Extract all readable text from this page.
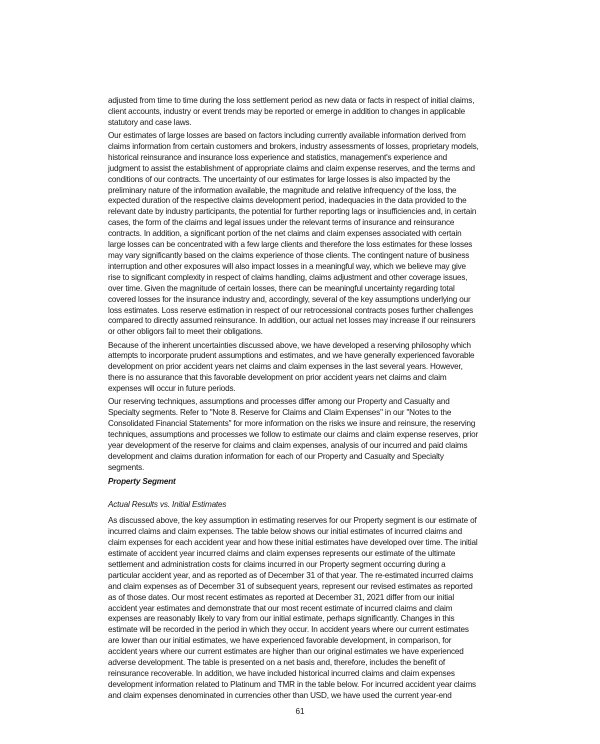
adjusted from time to time during the loss settlement period as new data or facts in respect of initial claims,
client accounts, industry or event trends may be reported or emerge in addition to changes in applicable
statutory and case laws.
Our estimates of large losses are based on factors including currently available information derived from
claims information from certain customers and brokers, industry assessments of losses, proprietary models,
historical reinsurance and insurance loss experience and statistics, management's experience and
judgment to assist the establishment of appropriate claims and claim expense reserves, and the terms and
conditions of our contracts. The uncertainty of our estimates for large losses is also impacted by the
preliminary nature of the information available, the magnitude and relative infrequency of the loss, the
expected duration of the respective claims development period, inadequacies in the data provided to the
relevant date by industry participants, the potential for further reporting lags or insufficiencies and, in certain
cases, the form of the claims and legal issues under the relevant terms of insurance and reinsurance
contracts. In addition, a significant portion of the net claims and claim expenses associated with certain
large losses can be concentrated with a few large clients and therefore the loss estimates for these losses
may vary significantly based on the claims experience of those clients. The contingent nature of business
interruption and other exposures will also impact losses in a meaningful way, which we believe may give
rise to significant complexity in respect of claims handling, claims adjustment and other coverage issues,
over time. Given the magnitude of certain losses, there can be meaningful uncertainty regarding total
covered losses for the insurance industry and, accordingly, several of the key assumptions underlying our
loss estimates. Loss reserve estimation in respect of our retrocessional contracts poses further challenges
compared to directly assumed reinsurance. In addition, our actual net losses may increase if our reinsurers
or other obligors fail to meet their obligations.
Because of the inherent uncertainties discussed above, we have developed a reserving philosophy which
attempts to incorporate prudent assumptions and estimates, and we have generally experienced favorable
development on prior accident years net claims and claim expenses in the last several years. However,
there is no assurance that this favorable development on prior accident years net claims and claim
expenses will occur in future periods.
Our reserving techniques, assumptions and processes differ among our Property and Casualty and
Specialty segments. Refer to "Note 8. Reserve for Claims and Claim Expenses" in our "Notes to the
Consolidated Financial Statements" for more information on the risks we insure and reinsure, the reserving
techniques, assumptions and processes we follow to estimate our claims and claim expense reserves, prior
year development of the reserve for claims and claim expenses, analysis of our incurred and paid claims
development and claims duration information for each of our Property and Casualty and Specialty
segments.
Property Segment
Actual Results vs. Initial Estimates
As discussed above, the key assumption in estimating reserves for our Property segment is our estimate of
incurred claims and claim expenses. The table below shows our initial estimates of incurred claims and
claim expenses for each accident year and how these initial estimates have developed over time. The initial
estimate of accident year incurred claims and claim expenses represents our estimate of the ultimate
settlement and administration costs for claims incurred in our Property segment occurring during a
particular accident year, and as reported as of December 31 of that year. The re-estimated incurred claims
and claim expenses as of December 31 of subsequent years, represent our revised estimates as reported
as of those dates. Our most recent estimates as reported at December 31, 2021 differ from our initial
accident year estimates and demonstrate that our most recent estimate of incurred claims and claim
expenses are reasonably likely to vary from our initial estimate, perhaps significantly. Changes in this
estimate will be recorded in the period in which they occur. In accident years where our current estimates
are lower than our initial estimates, we have experienced favorable development, in comparison, for
accident years where our current estimates are higher than our original estimates we have experienced
adverse development. The table is presented on a net basis and, therefore, includes the benefit of
reinsurance recoverable. In addition, we have included historical incurred claims and claim expenses
development information related to Platinum and TMR in the table below. For incurred accident year claims
and claim expenses denominated in currencies other than USD, we have used the current year-end
61
